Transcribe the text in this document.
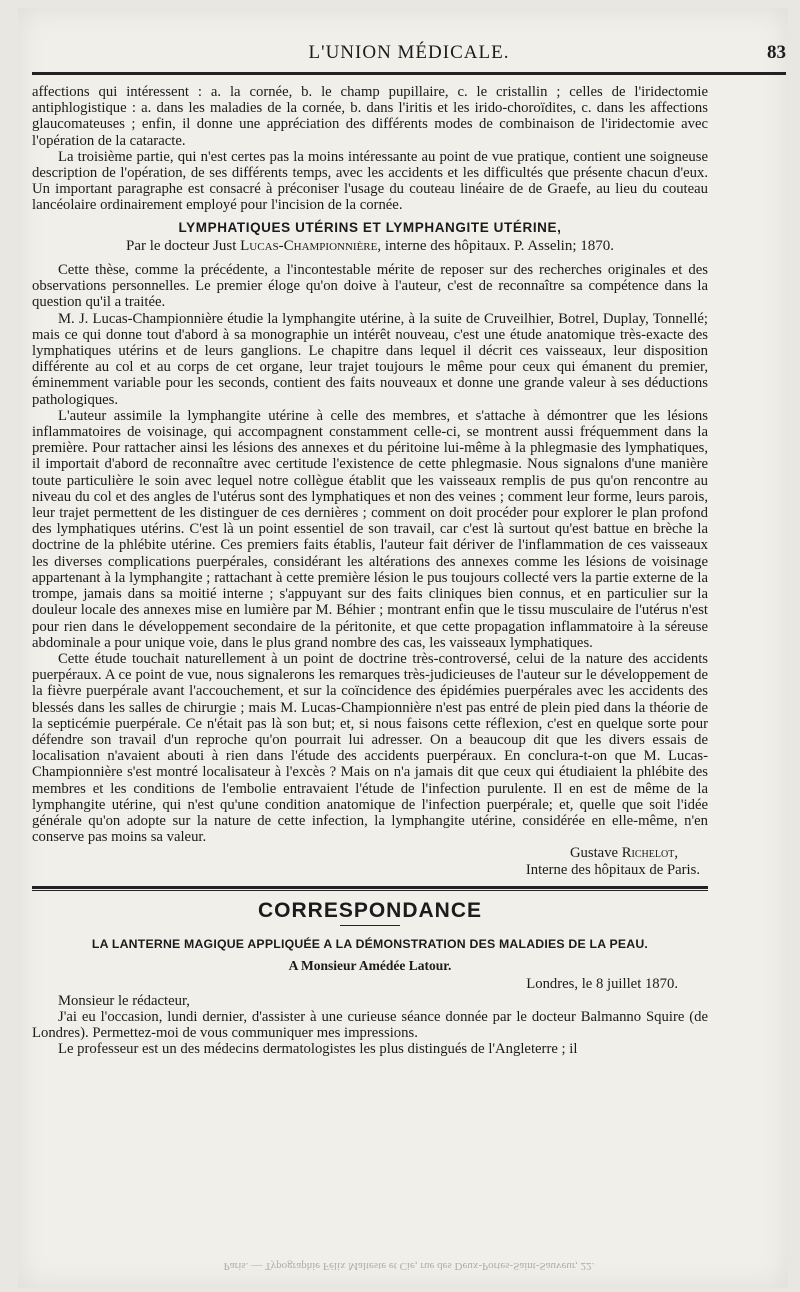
L'UNION MÉDICALE.	83

affections qui intéressent : a. la cornée, b. le champ pupillaire, c. le cristallin ; celles de l'iridectomie antiphlogistique : a. dans les maladies de la cornée, b. dans l'iritis et les irido-choroïdites, c. dans les affections glaucomateuses ; enfin, il donne une appréciation des différents modes de combinaison de l'iridectomie avec l'opération de la cataracte.

La troisième partie, qui n'est certes pas la moins intéressante au point de vue pratique, contient une soigneuse description de l'opération, de ses différents temps, avec les accidents et les difficultés que présente chacun d'eux. Un important paragraphe est consacré à préconiser l'usage du couteau linéaire de de Graefe, au lieu du couteau lancéolaire ordinairement employé pour l'incision de la cornée.

LYMPHATIQUES UTÉRINS ET LYMPHANGITE UTÉRINE,
Par le docteur Just Lucas-Championnière, interne des hôpitaux. P. Asselin; 1870.

Cette thèse, comme la précédente, a l'incontestable mérite de reposer sur des recherches originales et des observations personnelles. Le premier éloge qu'on doive à l'auteur, c'est de reconnaître sa compétence dans la question qu'il a traitée.

M. J. Lucas-Championnière étudie la lymphangite utérine, à la suite de Cruveilhier, Botrel, Duplay, Tonnellé; mais ce qui donne tout d'abord à sa monographie un intérêt nouveau, c'est une étude anatomique très-exacte des lymphatiques utérins et de leurs ganglions. Le chapitre dans lequel il décrit ces vaisseaux, leur disposition différente au col et au corps de cet organe, leur trajet toujours le même pour ceux qui émanent du premier, éminemment variable pour les seconds, contient des faits nouveaux et donne une grande valeur à ses déductions pathologiques.

L'auteur assimile la lymphangite utérine à celle des membres, et s'attache à démontrer que les lésions inflammatoires de voisinage, qui accompagnent constamment celle-ci, se montrent aussi fréquemment dans la première. Pour rattacher ainsi les lésions des annexes et du péritoine lui-même à la phlegmasie des lymphatiques, il importait d'abord de reconnaître avec certitude l'existence de cette phlegmasie. Nous signalons d'une manière toute particulière le soin avec lequel notre collègue établit que les vaisseaux remplis de pus qu'on rencontre au niveau du col et des angles de l'utérus sont des lymphatiques et non des veines ; comment leur forme, leurs parois, leur trajet permettent de les distinguer de ces dernières ; comment on doit procéder pour explorer le plan profond des lymphatiques utérins. C'est là un point essentiel de son travail, car c'est là surtout qu'est battue en brèche la doctrine de la phlébite utérine. Ces premiers faits établis, l'auteur fait dériver de l'inflammation de ces vaisseaux les diverses complications puerpérales, considérant les altérations des annexes comme les lésions de voisinage appartenant à la lymphangite ; rattachant à cette première lésion le pus toujours collecté vers la partie externe de la trompe, jamais dans sa moitié interne ; s'appuyant sur des faits cliniques bien connus, et en particulier sur la douleur locale des annexes mise en lumière par M. Béhier ; montrant enfin que le tissu musculaire de l'utérus n'est pour rien dans le développement secondaire de la péritonite, et que cette propagation inflammatoire à la séreuse abdominale a pour unique voie, dans le plus grand nombre des cas, les vaisseaux lymphatiques.

Cette étude touchait naturellement à un point de doctrine très-controversé, celui de la nature des accidents puerpéraux. A ce point de vue, nous signalerons les remarques très-judicieuses de l'auteur sur le développement de la fièvre puerpérale avant l'accouchement, et sur la coïncidence des épidémies puerpérales avec les accidents des blessés dans les salles de chirurgie ; mais M. Lucas-Championnière n'est pas entré de plein pied dans la théorie de la septicémie puerpérale. Ce n'était pas là son but; et, si nous faisons cette réflexion, c'est en quelque sorte pour défendre son travail d'un reproche qu'on pourrait lui adresser. On a beaucoup dit que les divers essais de localisation n'avaient abouti à rien dans l'étude des accidents puerpéraux. En conclura-t-on que M. Lucas-Championnière s'est montré localisateur à l'excès ? Mais on n'a jamais dit que ceux qui étudiaient la phlébite des membres et les conditions de l'embolie entravaient l'étude de l'infection purulente. Il en est de même de la lymphangite utérine, qui n'est qu'une condition anatomique de l'infection puerpérale; et, quelle que soit l'idée générale qu'on adopte sur la nature de cette infection, la lymphangite utérine, considérée en elle-même, n'en conserve pas moins sa valeur.

Gustave Richelot,
Interne des hôpitaux de Paris.
CORRESPONDANCE
LA LANTERNE MAGIQUE APPLIQUÉE A LA DÉMONSTRATION DES MALADIES DE LA PEAU.
A Monsieur Amédée Latour.
Londres, le 8 juillet 1870.

Monsieur le rédacteur,

J'ai eu l'occasion, lundi dernier, d'assister à une curieuse séance donnée par le docteur Balmanno Squire (de Londres). Permettez-moi de vous communiquer mes impressions.

Le professeur est un des médecins dermatologistes les plus distingués de l'Angleterre ; il

Paris. — Typographie Félix Malteste et Cie, rue des Deux-Portes-Saint-Sauveur, 22.
